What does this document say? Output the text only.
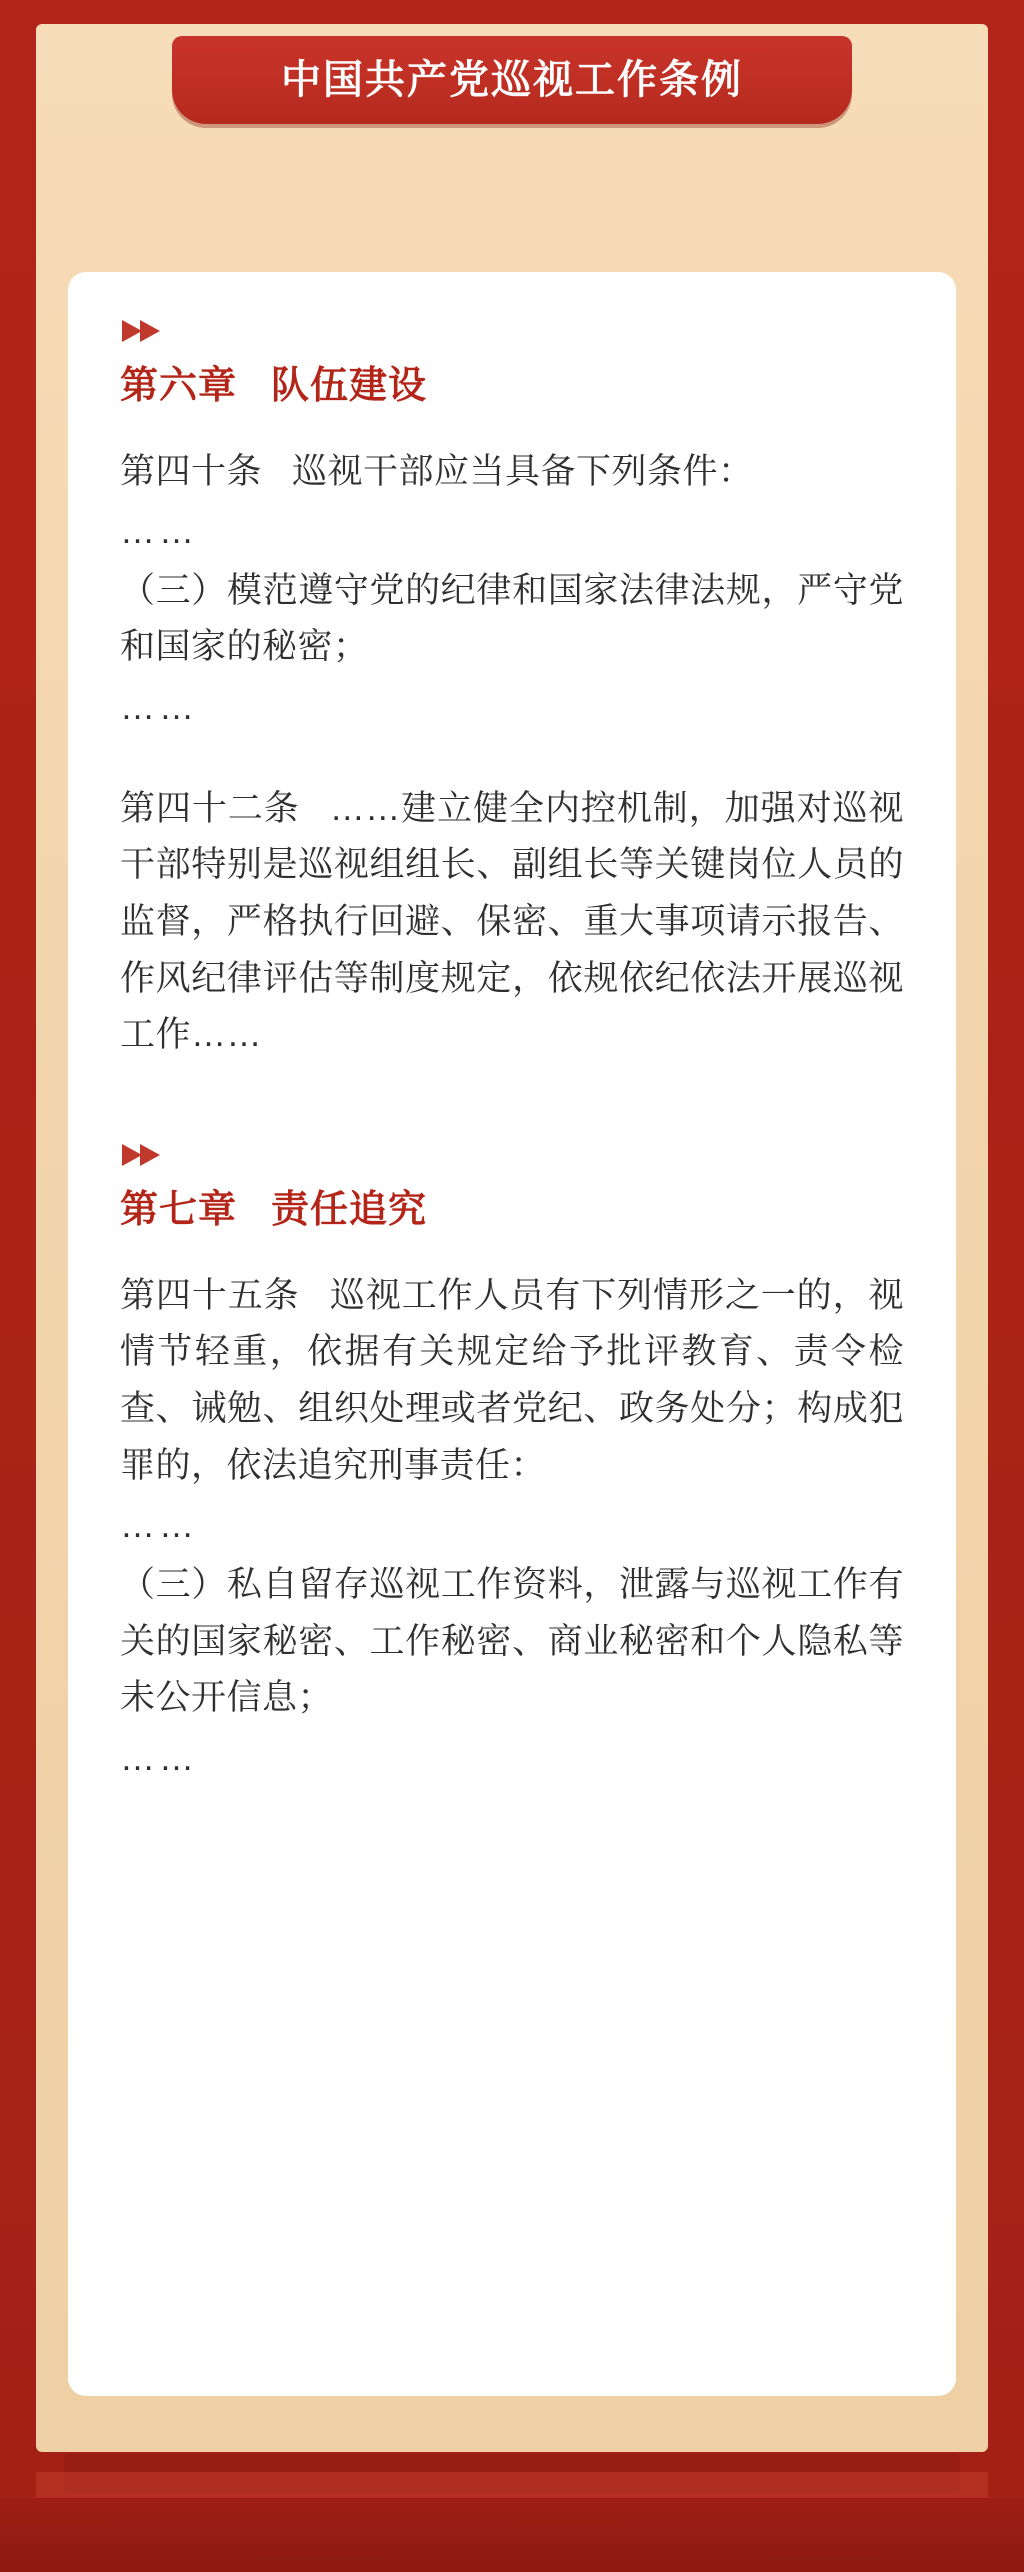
中国共产党巡视工作条例
第六章 队伍建设

第四十条 巡视干部应当具备下列条件：

……

（三）模范遵守党的纪律和国家法律法规，严守党和国家的秘密；

……

第四十二条 ……建立健全内控机制，加强对巡视干部特别是巡视组组长、副组长等关键岗位人员的监督，严格执行回避、保密、重大事项请示报告、作风纪律评估等制度规定，依规依纪依法开展巡视工作……

第七章 责任追究

第四十五条 巡视工作人员有下列情形之一的，视情节轻重，依据有关规定给予批评教育、责令检查、诫勉、组织处理或者党纪、政务处分；构成犯罪的，依法追究刑事责任：

……

（三）私自留存巡视工作资料，泄露与巡视工作有关的国家秘密、工作秘密、商业秘密和个人隐私等未公开信息；

……
